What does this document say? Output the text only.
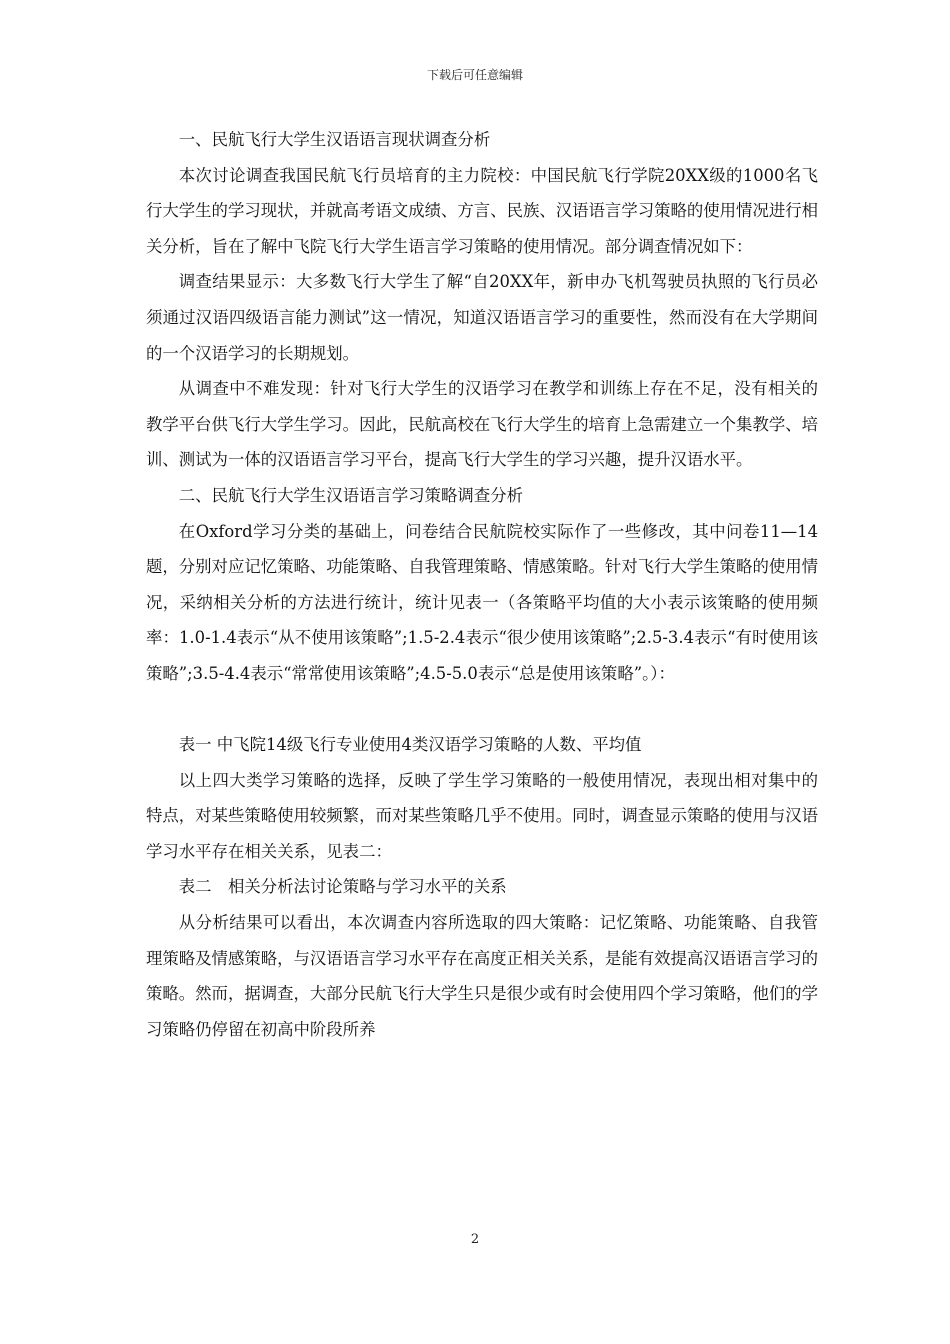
下载后可任意编辑

一、民航飞行大学生汉语语言现状调查分析

本次讨论调查我国民航飞行员培育的主力院校：中国民航飞行学院20XX级的1000名飞行大学生的学习现状，并就高考语文成绩、方言、民族、汉语语言学习策略的使用情况进行相关分析，旨在了解中飞院飞行大学生语言学习策略的使用情况。部分调查情况如下：

调查结果显示：大多数飞行大学生了解“自20XX年，新申办飞机驾驶员执照的飞行员必须通过汉语四级语言能力测试”这一情况，知道汉语语言学习的重要性，然而没有在大学期间的一个汉语学习的长期规划。

从调查中不难发现：针对飞行大学生的汉语学习在教学和训练上存在不足，没有相关的教学平台供飞行大学生学习。因此，民航高校在飞行大学生的培育上急需建立一个集教学、培训、测试为一体的汉语语言学习平台，提高飞行大学生的学习兴趣，提升汉语水平。

二、民航飞行大学生汉语语言学习策略调查分析

在Oxford学习分类的基础上，问卷结合民航院校实际作了一些修改，其中问卷11—14题，分别对应记忆策略、功能策略、自我管理策略、情感策略。针对飞行大学生策略的使用情况，采纳相关分析的方法进行统计，统计见表一（各策略平均值的大小表示该策略的使用频率：1.0-1.4表示“从不使用该策略”;1.5-2.4表示“很少使用该策略”;2.5-3.4表示“有时使用该策略”;3.5-4.4表示“常常使用该策略”;4.5-5.0表示“总是使用该策略”。）：

表一 中飞院14级飞行专业使用4类汉语学习策略的人数、平均值

以上四大类学习策略的选择，反映了学生学习策略的一般使用情况，表现出相对集中的特点，对某些策略使用较频繁，而对某些策略几乎不使用。同时，调查显示策略的使用与汉语学习水平存在相关关系，见表二：

表二　相关分析法讨论策略与学习水平的关系

从分析结果可以看出，本次调查内容所选取的四大策略：记忆策略、功能策略、自我管理策略及情感策略，与汉语语言学习水平存在高度正相关关系，是能有效提高汉语语言学习的策略。然而，据调查，大部分民航飞行大学生只是很少或有时会使用四个学习策略，他们的学习策略仍停留在初高中阶段所养

2
